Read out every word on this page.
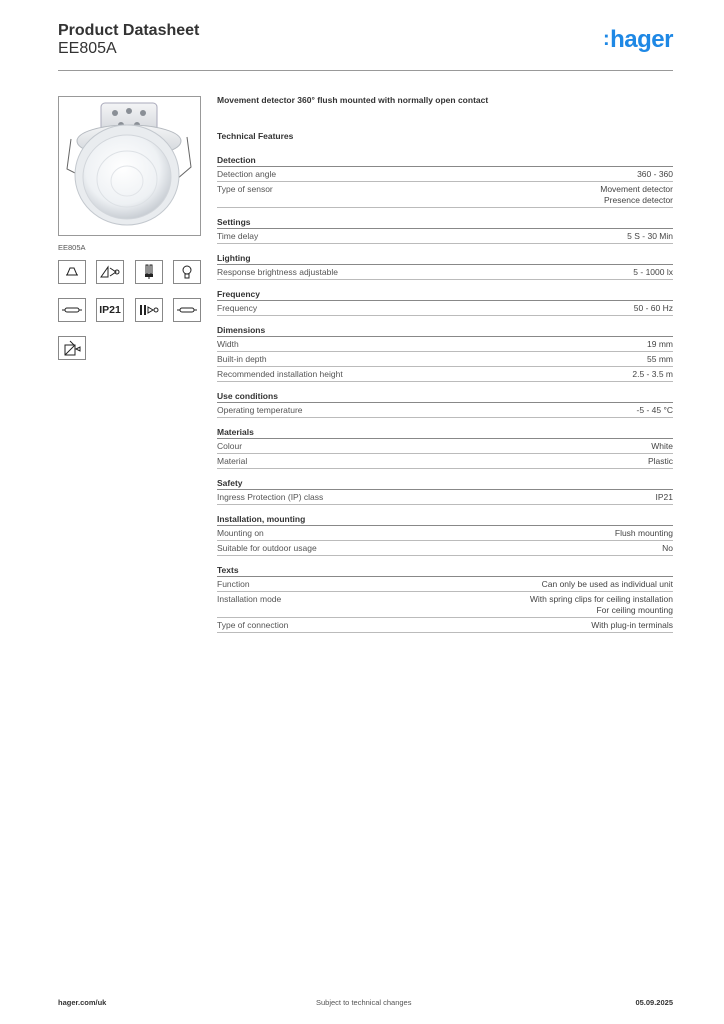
Product Datasheet
EE805A	:hager
EE805A
IP21
Movement detector 360° flush mounted with normally open contact
Technical Features
Detection
Detection angle	360 - 360
Type of sensor	Movement detector
Presence detector
Settings
Time delay	5 S - 30 Min
Lighting
Response brightness adjustable	5 - 1000 lx
Frequency
Frequency	50 - 60 Hz
Dimensions
Width	19 mm
Built-in depth	55 mm
Recommended installation height	2.5 - 3.5 m
Use conditions
Operating temperature	-5 - 45 °C
Materials
Colour	White
Material	Plastic
Safety
Ingress Protection (IP) class	IP21
Installation, mounting
Mounting on	Flush mounting
Suitable for outdoor usage	No
Texts
Function	Can only be used as individual unit
Installation mode	With spring clips for ceiling installation
For ceiling mounting
Type of connection	With plug-in terminals
hager.com/uk	Subject to technical changes	05.09.2025
